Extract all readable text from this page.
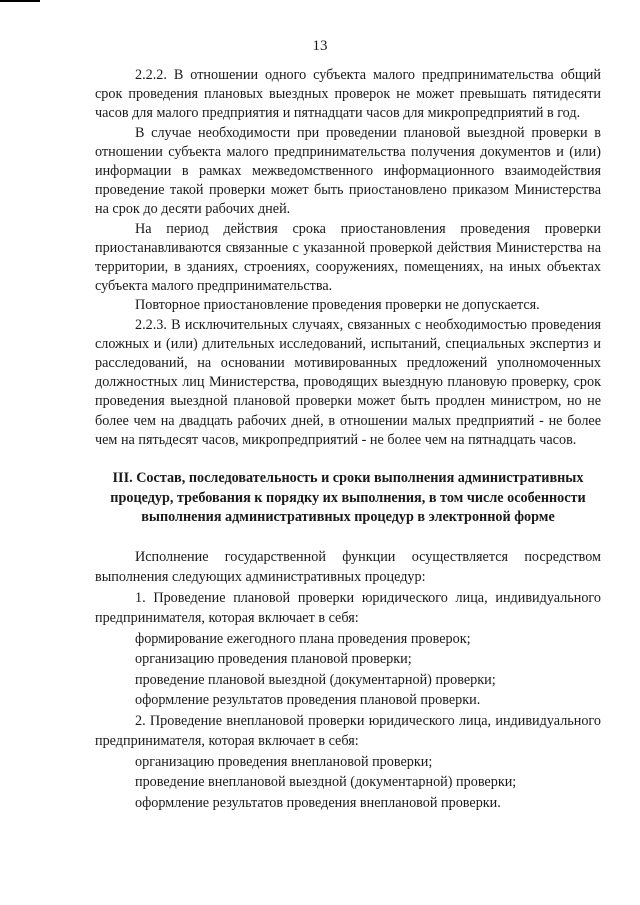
13

2.2.2. В отношении одного субъекта малого предпринимательства общий срок проведения плановых выездных проверок не может превышать пятидесяти часов для малого предприятия и пятнадцати часов для микропредприятий в год.

В случае необходимости при проведении плановой выездной проверки в отношении субъекта малого предпринимательства получения документов и (или) информации в рамках межведомственного информационного взаимодействия проведение такой проверки может быть приостановлено приказом Министерства на срок до десяти рабочих дней.

На период действия срока приостановления проведения проверки приостанавливаются связанные с указанной проверкой действия Министерства на территории, в зданиях, строениях, сооружениях, помещениях, на иных объектах субъекта малого предпринимательства.

Повторное приостановление проведения проверки не допускается.

2.2.3. В исключительных случаях, связанных с необходимостью проведения сложных и (или) длительных исследований, испытаний, специальных экспертиз и расследований, на основании мотивированных предложений уполномоченных должностных лиц Министерства, проводящих выездную плановую проверку, срок проведения выездной плановой проверки может быть продлен министром, но не более чем на двадцать рабочих дней, в отношении малых предприятий - не более чем на пятьдесят часов, микропредприятий - не более чем на пятнадцать часов.

III. Состав, последовательность и сроки выполнения административных процедур, требования к порядку их выполнения, в том числе особенности выполнения административных процедур в электронной форме

Исполнение государственной функции осуществляется посредством выполнения следующих административных процедур:

1. Проведение плановой проверки юридического лица, индивидуального предпринимателя, которая включает в себя:

формирование ежегодного плана проведения проверок;

организацию проведения плановой проверки;

проведение плановой выездной (документарной) проверки;

оформление результатов проведения плановой проверки.

2. Проведение внеплановой проверки юридического лица, индивидуального предпринимателя, которая включает в себя:

организацию проведения внеплановой проверки;

проведение внеплановой выездной (документарной) проверки;

оформление результатов проведения внеплановой проверки.
